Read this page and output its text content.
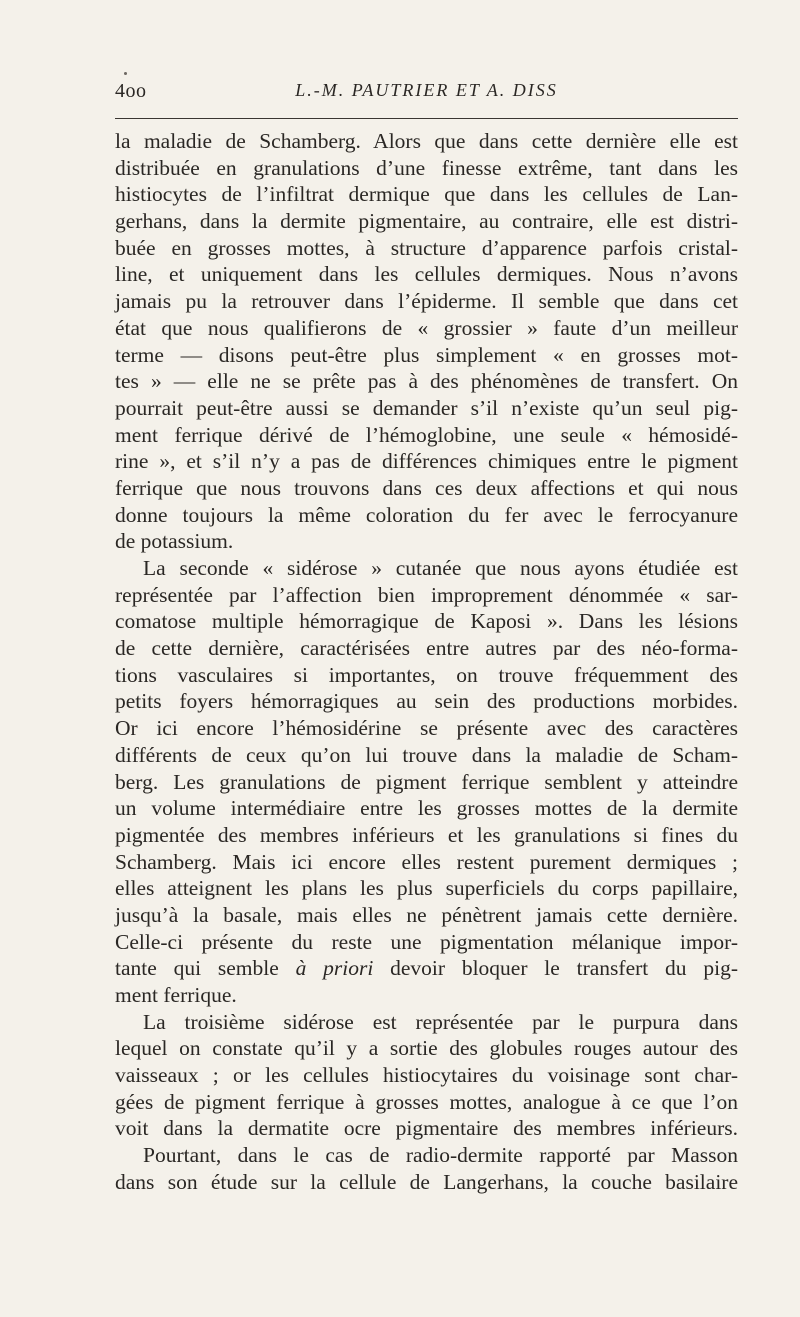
4oo	L.-M. PAUTRIER ET A. DISS
la maladie de Schamberg. Alors que dans cette dernière elle est
distribuée en granulations d’une finesse extrême, tant dans les
histiocytes de l’infiltrat dermique que dans les cellules de Lan-
gerhans, dans la dermite pigmentaire, au contraire, elle est distri-
buée en grosses mottes, à structure d’apparence parfois cristal-
line, et uniquement dans les cellules dermiques. Nous n’avons
jamais pu la retrouver dans l’épiderme. Il semble que dans cet
état que nous qualifierons de « grossier » faute d’un meilleur
terme — disons peut-être plus simplement « en grosses mot-
tes » — elle ne se prête pas à des phénomènes de transfert. On
pourrait peut-être aussi se demander s’il n’existe qu’un seul pig-
ment ferrique dérivé de l’hémoglobine, une seule « hémosidé-
rine », et s’il n’y a pas de différences chimiques entre le pigment
ferrique que nous trouvons dans ces deux affections et qui nous
donne toujours la même coloration du fer avec le ferrocyanure
de potassium.
La seconde « sidérose » cutanée que nous ayons étudiée est
représentée par l’affection bien improprement dénommée « sar-
comatose multiple hémorragique de Kaposi ». Dans les lésions
de cette dernière, caractérisées entre autres par des néo-forma-
tions vasculaires si importantes, on trouve fréquemment des
petits foyers hémorragiques au sein des productions morbides.
Or ici encore l’hémosidérine se présente avec des caractères
différents de ceux qu’on lui trouve dans la maladie de Scham-
berg. Les granulations de pigment ferrique semblent y atteindre
un volume intermédiaire entre les grosses mottes de la dermite
pigmentée des membres inférieurs et les granulations si fines du
Schamberg. Mais ici encore elles restent purement dermiques ;
elles atteignent les plans les plus superficiels du corps papillaire,
jusqu’à la basale, mais elles ne pénètrent jamais cette dernière.
Celle-ci présente du reste une pigmentation mélanique impor-
tante qui semble à priori devoir bloquer le transfert du pig-
ment ferrique.
La troisième sidérose est représentée par le purpura dans
lequel on constate qu’il y a sortie des globules rouges autour des
vaisseaux ; or les cellules histiocytaires du voisinage sont char-
gées de pigment ferrique à grosses mottes, analogue à ce que l’on
voit dans la dermatite ocre pigmentaire des membres inférieurs.
Pourtant, dans le cas de radio-dermite rapporté par Masson
dans son étude sur la cellule de Langerhans, la couche basilaire
